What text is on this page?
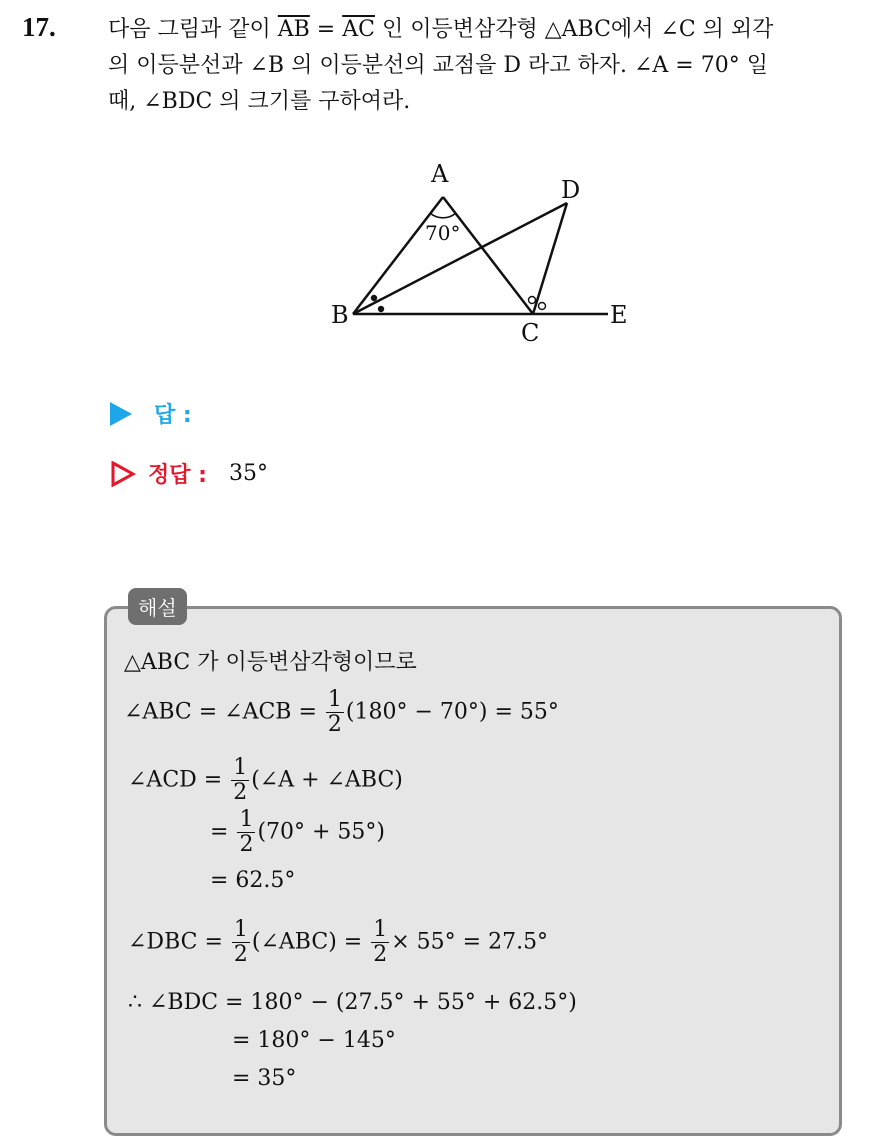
17. 다음 그림과 같이 $\overline{AB} = \overline{AC}$ 인 이등변삼각형 △ABC에서 ∠C 의 외각
의 이등분선과 ∠B 의 이등분선의 교점을 D 라고 하자. ∠A = 70° 일
때, ∠BDC 의 크기를 구하여라.
A
B
C
D
E
70°
답 :
정답 : 35°
해설
△ABC 가 이등변삼각형이므로
∠ABC = ∠ACB = $\frac{1}{2} (180^\circ - 70^\circ) = 55^\circ$
∠ACD = $\frac{1}{2}$ (∠A + ∠ABC)
= $\frac{1}{2} (70^\circ + 55^\circ)$
= 62.5°
∠DBC = $\frac{1}{2}$ (∠ABC) = $\frac{1}{2} \times 55^\circ = 27.5^\circ$
∴ ∠BDC = 180° − (27.5° + 55° + 62.5°)
= 180° − 145°
= 35°
